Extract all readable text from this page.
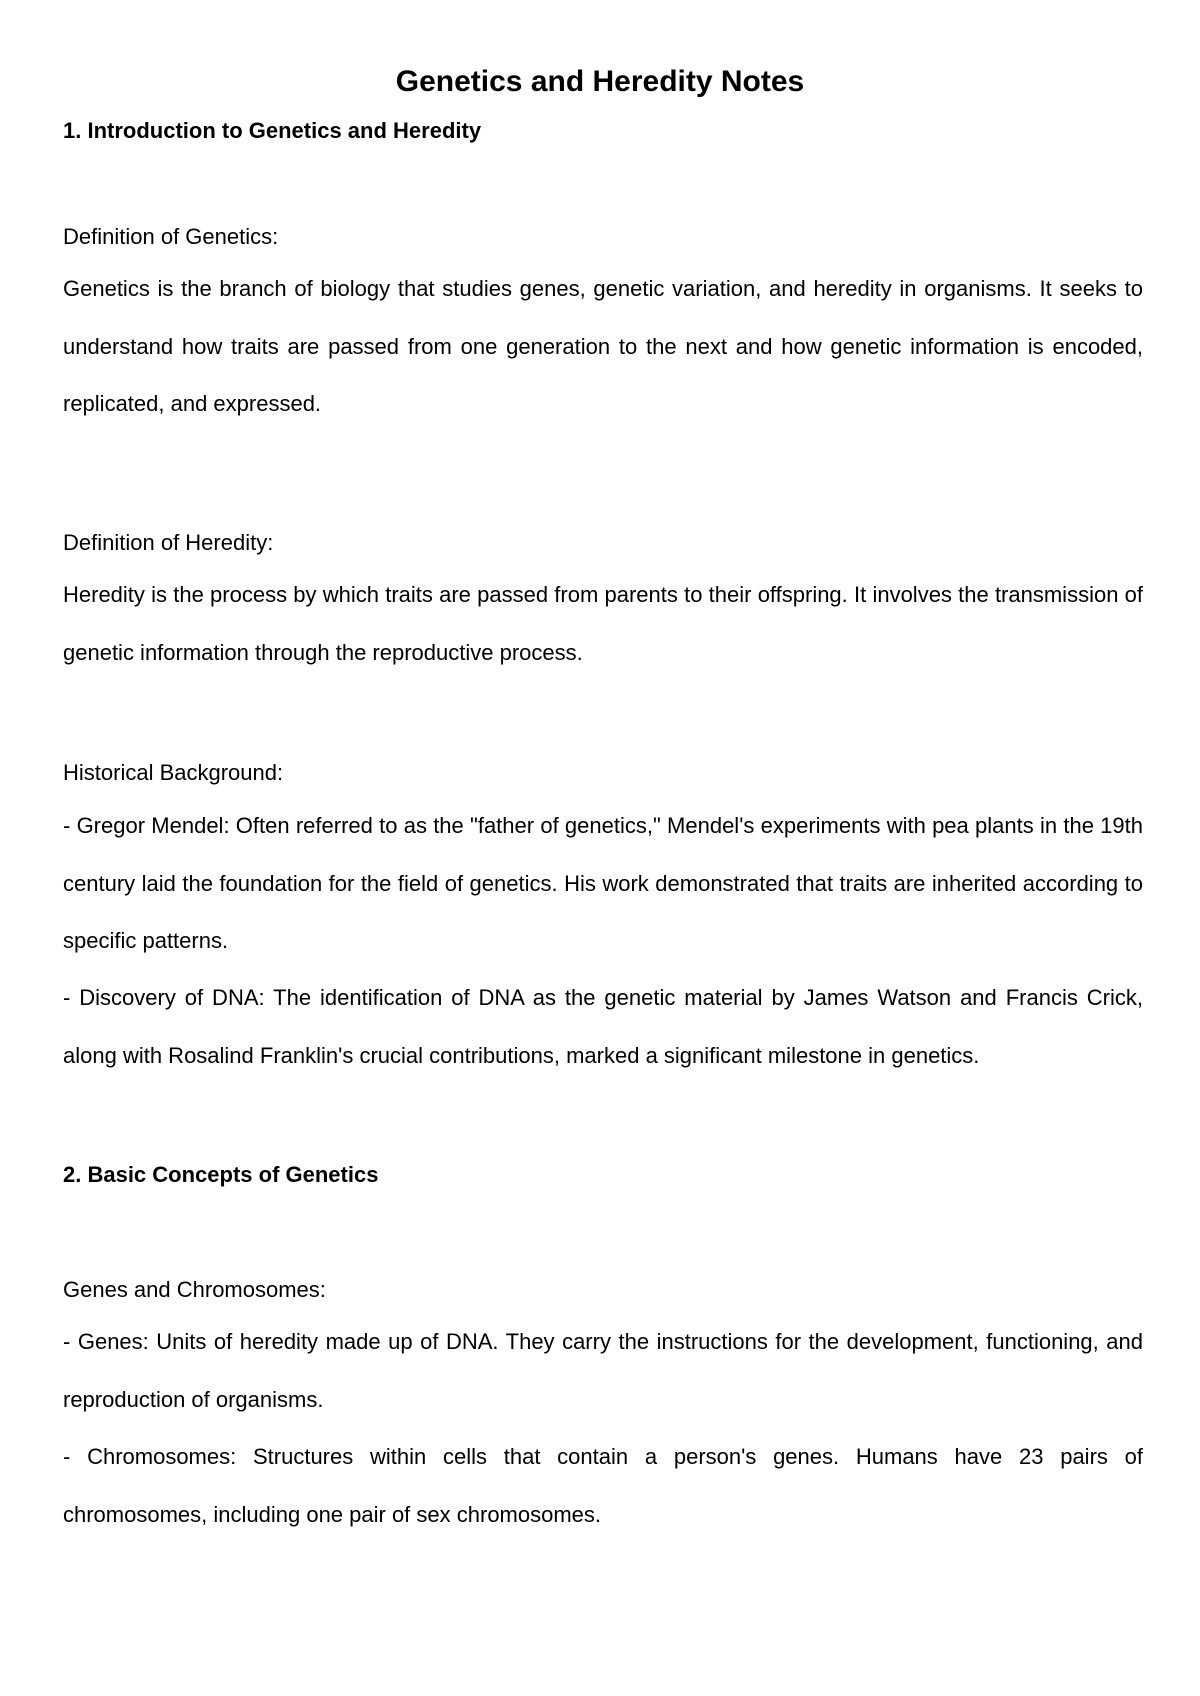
Genetics and Heredity Notes
1. Introduction to Genetics and Heredity

Definition of Genetics:

Genetics is the branch of biology that studies genes, genetic variation, and heredity in organisms. It seeks to understand how traits are passed from one generation to the next and how genetic information is encoded, replicated, and expressed.

Definition of Heredity:

Heredity is the process by which traits are passed from parents to their offspring. It involves the transmission of genetic information through the reproductive process.

Historical Background:

- Gregor Mendel: Often referred to as the "father of genetics," Mendel's experiments with pea plants in the 19th century laid the foundation for the field of genetics. His work demonstrated that traits are inherited according to specific patterns.

- Discovery of DNA: The identification of DNA as the genetic material by James Watson and Francis Crick, along with Rosalind Franklin's crucial contributions, marked a significant milestone in genetics.

2. Basic Concepts of Genetics

Genes and Chromosomes:

- Genes: Units of heredity made up of DNA. They carry the instructions for the development, functioning, and reproduction of organisms.

- Chromosomes: Structures within cells that contain a person's genes. Humans have 23 pairs of chromosomes, including one pair of sex chromosomes.
